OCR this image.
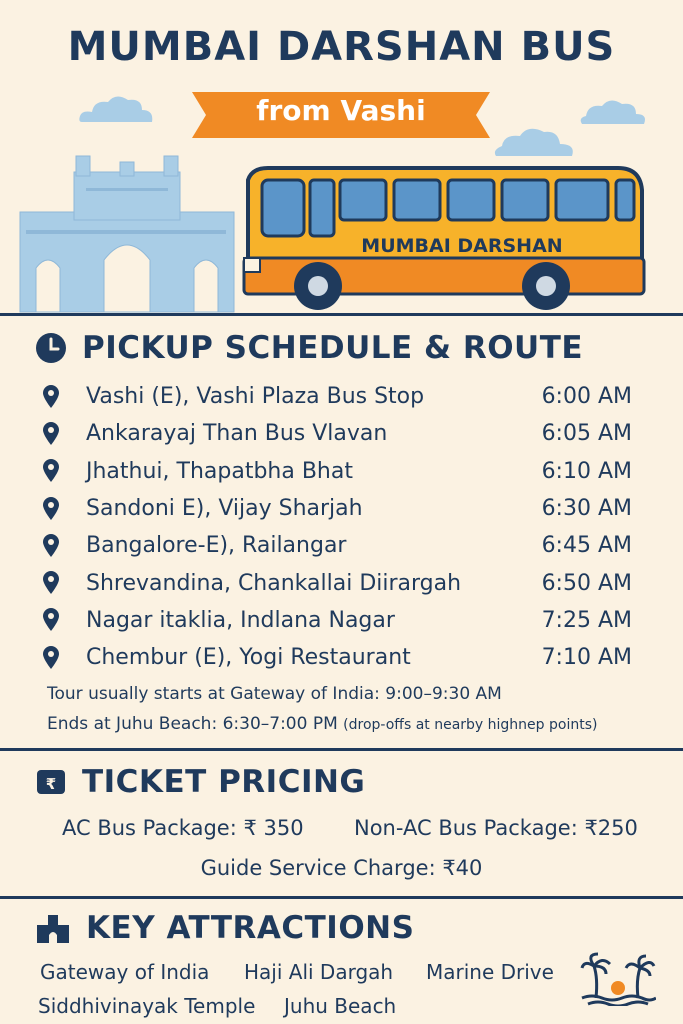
MUMBAI DARSHAN BUS
from Vashi
MUMBAI DARSHAN
PICKUP SCHEDULE & ROUTE
Vashi (E), Vashi Plaza Bus Stop	6:00 AM
Ankarayaj Than Bus Vlavan	6:05 AM
Jhathui, Thapatbha Bhat	6:10 AM
Sandoni E), Vijay Sharjah	6:30 AM
Bangalore-E), Railangar	6:45 AM
Shrevandina, Chankallai Diirargah	6:50 AM
Nagar itaklia, Indlana Nagar	7:25 AM
Chembur (E), Yogi Restaurant	7:10 AM
Tour usually starts at Gateway of India: 9:00–9:30 AM
Ends at Juhu Beach: 6:30–7:00 PM (drop-offs at nearby highnep points)
₹ TICKET PRICING
AC Bus Package: ₹ 350 Non-AC Bus Package: ₹250
Guide Service Charge: ₹40
KEY ATTRACTIONS
Gateway of India Haji Ali Dargah Marine Drive
Siddhivinayak Temple Juhu Beach
